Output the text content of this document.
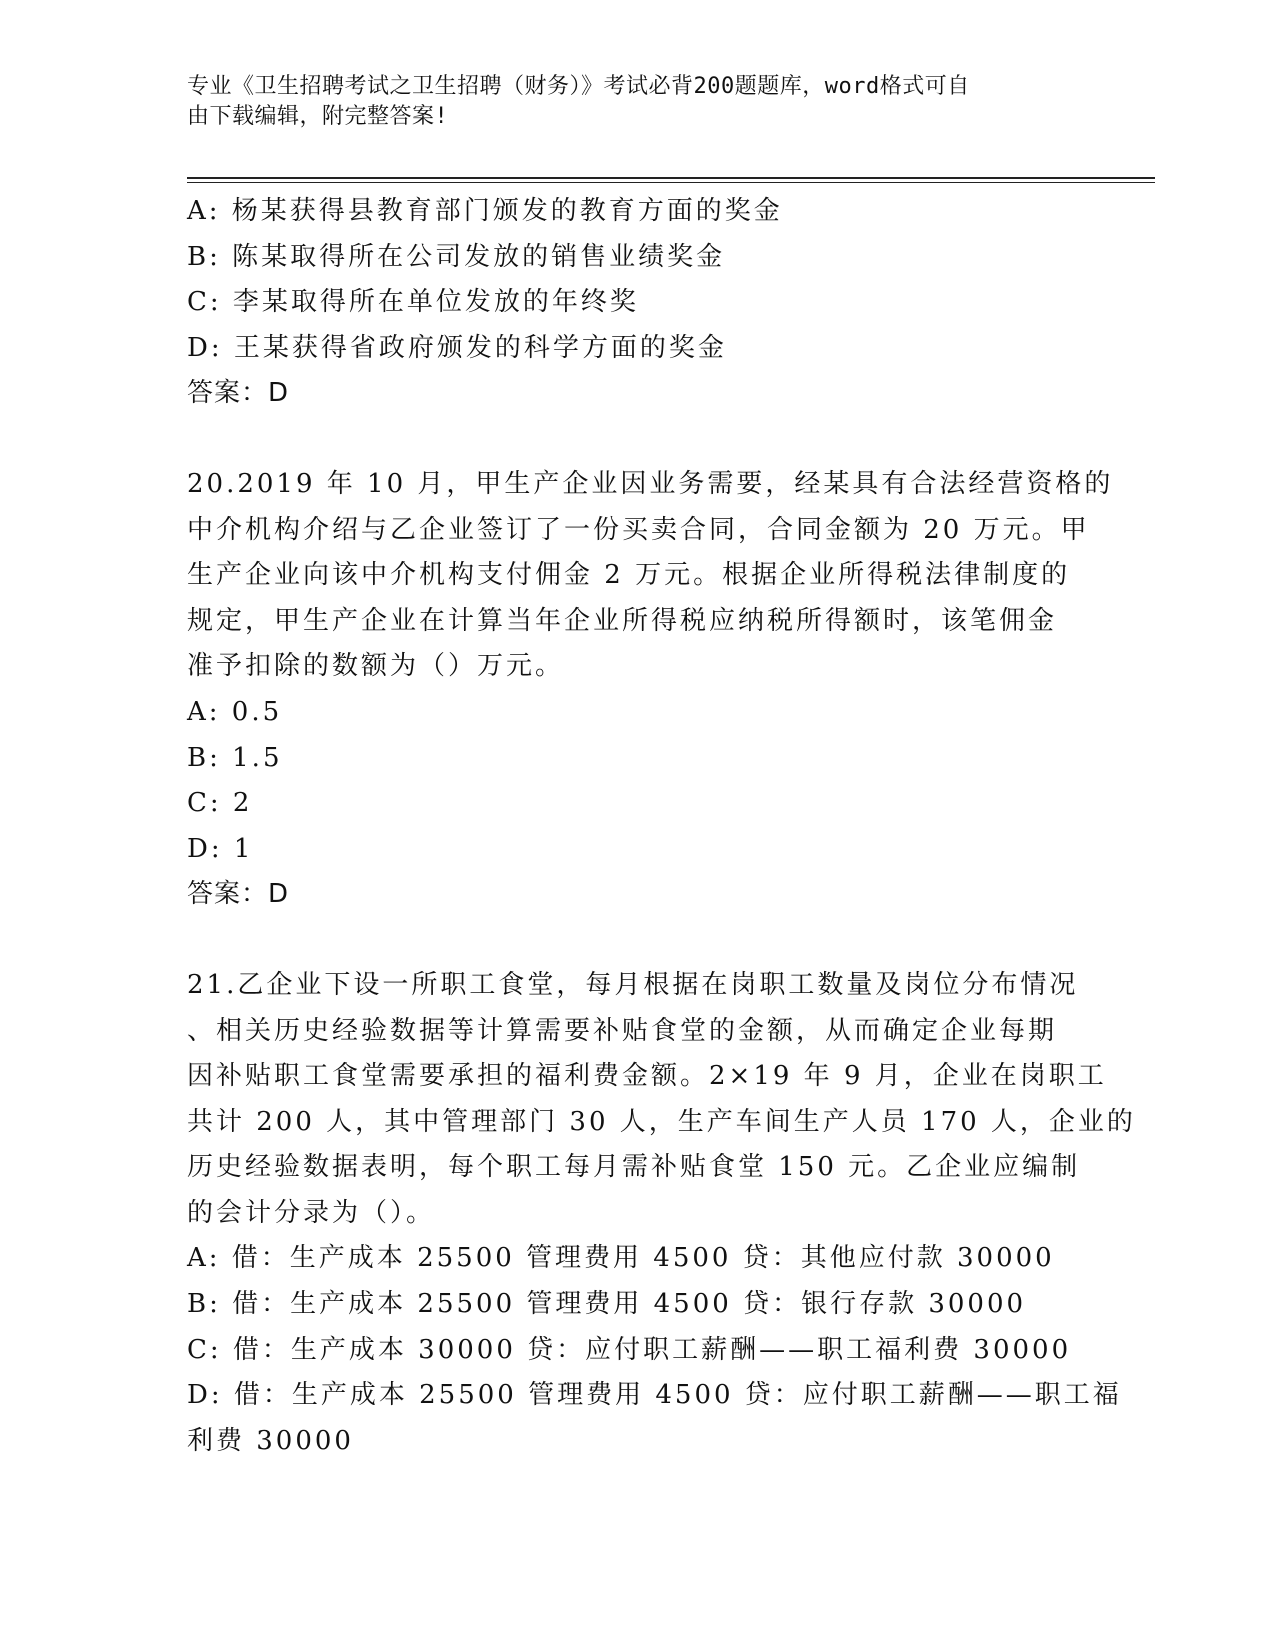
专业《卫生招聘考试之卫生招聘（财务）》考试必背200题题库，word格式可自
由下载编辑，附完整答案!
A: 杨某获得县教育部门颁发的教育方面的奖金
B: 陈某取得所在公司发放的销售业绩奖金
C: 李某取得所在单位发放的年终奖
D: 王某获得省政府颁发的科学方面的奖金
答案：D
20.2019 年 10 月，甲生产企业因业务需要，经某具有合法经营资格的
中介机构介绍与乙企业签订了一份买卖合同，合同金额为 20 万元。甲
生产企业向该中介机构支付佣金 2 万元。根据企业所得税法律制度的
规定，甲生产企业在计算当年企业所得税应纳税所得额时，该笔佣金
准予扣除的数额为（）万元。
A: 0.5
B: 1.5
C: 2
D: 1
答案：D
21.乙企业下设一所职工食堂，每月根据在岗职工数量及岗位分布情况
、相关历史经验数据等计算需要补贴食堂的金额，从而确定企业每期
因补贴职工食堂需要承担的福利费金额。2×19 年 9 月，企业在岗职工
共计 200 人，其中管理部门 30 人，生产车间生产人员 170 人，企业的
历史经验数据表明，每个职工每月需补贴食堂 150 元。乙企业应编制
的会计分录为（）。
A: 借：生产成本 25500 管理费用 4500 贷：其他应付款 30000
B: 借：生产成本 25500 管理费用 4500 贷：银行存款 30000
C: 借：生产成本 30000 贷：应付职工薪酬——职工福利费 30000
D: 借：生产成本 25500 管理费用 4500 贷：应付职工薪酬——职工福
利费 30000
